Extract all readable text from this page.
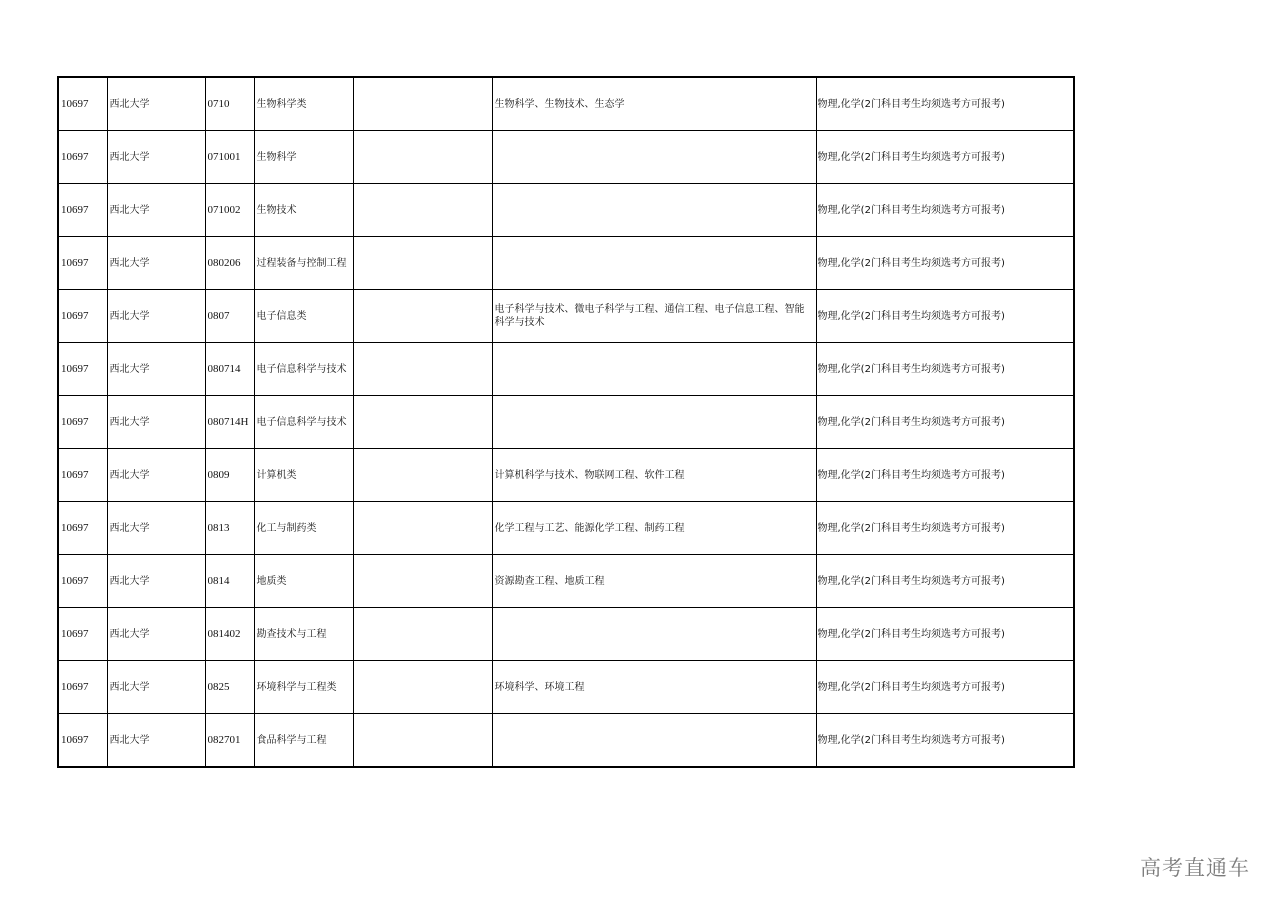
10697	西北大学	0710	生物科学类		生物科学、生物技术、生态学	物理,化学(2门科目考生均须选考方可报考)
10697	西北大学	071001	生物科学			物理,化学(2门科目考生均须选考方可报考)
10697	西北大学	071002	生物技术			物理,化学(2门科目考生均须选考方可报考)
10697	西北大学	080206	过程装备与控制工程			物理,化学(2门科目考生均须选考方可报考)
10697	西北大学	0807	电子信息类		电子科学与技术、微电子科学与工程、通信工程、电子信息工程、智能科学与技术	物理,化学(2门科目考生均须选考方可报考)
10697	西北大学	080714	电子信息科学与技术			物理,化学(2门科目考生均须选考方可报考)
10697	西北大学	080714H	电子信息科学与技术			物理,化学(2门科目考生均须选考方可报考)
10697	西北大学	0809	计算机类		计算机科学与技术、物联网工程、软件工程	物理,化学(2门科目考生均须选考方可报考)
10697	西北大学	0813	化工与制药类		化学工程与工艺、能源化学工程、制药工程	物理,化学(2门科目考生均须选考方可报考)
10697	西北大学	0814	地质类		资源勘查工程、地质工程	物理,化学(2门科目考生均须选考方可报考)
10697	西北大学	081402	勘查技术与工程			物理,化学(2门科目考生均须选考方可报考)
10697	西北大学	0825	环境科学与工程类		环境科学、环境工程	物理,化学(2门科目考生均须选考方可报考)
10697	西北大学	082701	食品科学与工程			物理,化学(2门科目考生均须选考方可报考)
高考直通车
